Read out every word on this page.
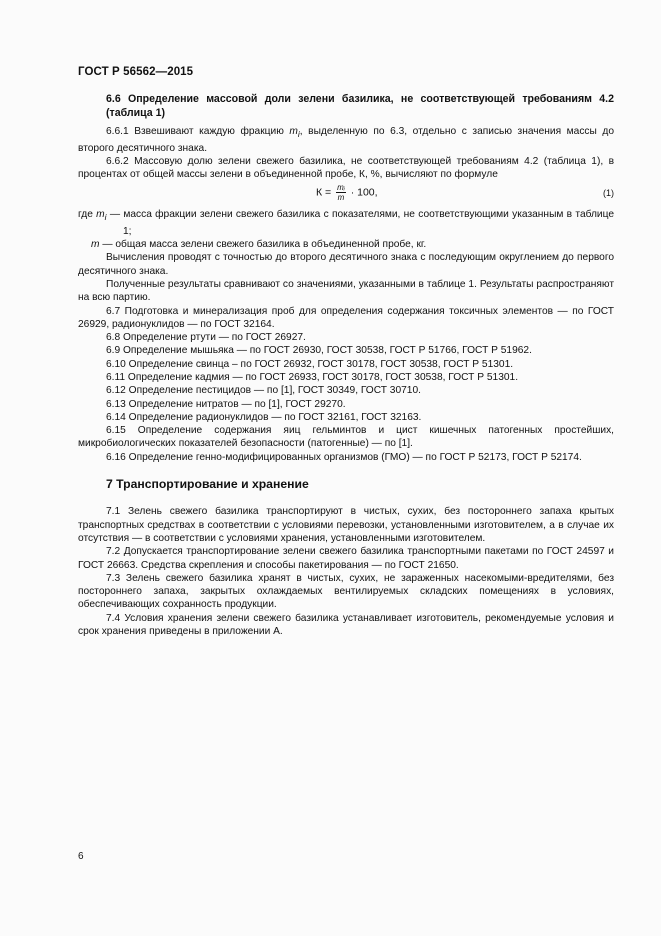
ГОСТ Р 56562—2015

6.6 Определение массовой доли зелени базилика, не соответствующей требованиям 4.2 (таблица 1)

6.6.1 Взвешивают каждую фракцию $m_i$, выделенную по 6.3, отдельно с записью значения массы до второго десятичного знака.

6.6.2 Массовую долю зелени свежего базилика, не соответствующей требованиям 4.2 (таблица 1), в процентах от общей массы зелени в объединенной пробе, К, %, вычисляют по формуле

$К = \frac{\text{mᵢ}}{m} \cdot 100$,	(1)

где $m_i$ — масса фракции зелени свежего базилика с показателями, не соответствующими указанным в таблице 1;

m — общая масса зелени свежего базилика в объединенной пробе, кг.

Вычисления проводят с точностью до второго десятичного знака с последующим округлением до первого десятичного знака.

Полученные результаты сравнивают со значениями, указанными в таблице 1. Результаты распространяют на всю партию.

6.7 Подготовка и минерализация проб для определения содержания токсичных элементов — по ГОСТ 26929, радионуклидов — по ГОСТ 32164.

6.8 Определение ртути — по ГОСТ 26927.

6.9 Определение мышьяка — по ГОСТ 26930, ГОСТ 30538, ГОСТ Р 51766, ГОСТ Р 51962.

6.10 Определение свинца – по ГОСТ 26932, ГОСТ 30178, ГОСТ 30538, ГОСТ Р 51301.

6.11 Определение кадмия — по ГОСТ 26933, ГОСТ 30178, ГОСТ 30538, ГОСТ Р 51301.

6.12 Определение пестицидов — по [1], ГОСТ 30349, ГОСТ 30710.

6.13 Определение нитратов — по [1], ГОСТ 29270.

6.14 Определение радионуклидов — по ГОСТ 32161, ГОСТ 32163.

6.15 Определение содержания яиц гельминтов и цист кишечных патогенных простейших, микробиологических показателей безопасности (патогенные) — по [1].

6.16 Определение генно-модифицированных организмов (ГМО) — по ГОСТ Р 52173, ГОСТ Р 52174.

7 Транспортирование и хранение

7.1 Зелень свежего базилика транспортируют в чистых, сухих, без постороннего запаха крытых транспортных средствах в соответствии с условиями перевозки, установленными изготовителем, а в случае их отсутствия — в соответствии с условиями хранения, установленными изготовителем.

7.2 Допускается транспортирование зелени свежего базилика транспортными пакетами по ГОСТ 24597 и ГОСТ 26663. Средства скрепления и способы пакетирования — по ГОСТ 21650.

7.3 Зелень свежего базилика хранят в чистых, сухих, не зараженных насекомыми-вредителями, без постороннего запаха, закрытых охлаждаемых вентилируемых складских помещениях в условиях, обеспечивающих сохранность продукции.

7.4 Условия хранения зелени свежего базилика устанавливает изготовитель, рекомендуемые условия и срок хранения приведены в приложении А.

6
